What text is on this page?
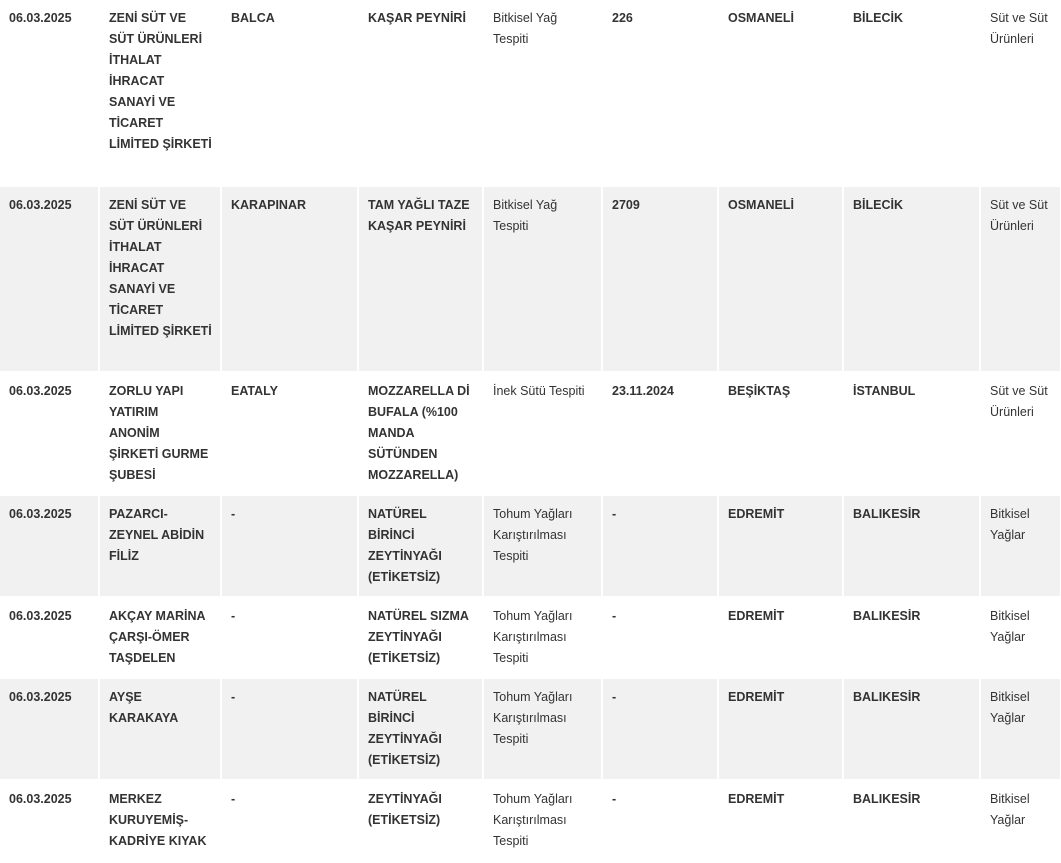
06.03.2025	ZENİ SÜT VE SÜT ÜRÜNLERİ İTHALAT İHRACAT SANAYİ VE TİCARET LİMİTED ŞİRKETİ	BALCA	KAŞAR PEYNİRİ	Bitkisel Yağ Tespiti	226	OSMANELİ	BİLECİK	Süt ve Süt Ürünleri
06.03.2025	ZENİ SÜT VE SÜT ÜRÜNLERİ İTHALAT İHRACAT SANAYİ VE TİCARET LİMİTED ŞİRKETİ	KARAPINAR	TAM YAĞLI TAZE KAŞAR PEYNİRİ	Bitkisel Yağ Tespiti	2709	OSMANELİ	BİLECİK	Süt ve Süt Ürünleri
06.03.2025	ZORLU YAPI YATIRIM ANONİM ŞİRKETİ GURME ŞUBESİ	EATALY	MOZZARELLA Dİ BUFALA (%100 MANDA SÜTÜNDEN MOZZARELLA)	İnek Sütü Tespiti	23.11.2024	BEŞİKTAŞ	İSTANBUL	Süt ve Süt Ürünleri
06.03.2025	PAZARCI-ZEYNEL ABİDİN FİLİZ	-	NATÜREL BİRİNCİ ZEYTİNYAĞI (ETİKETSİZ)	Tohum Yağları Karıştırılması Tespiti	-	EDREMİT	BALIKESİR	Bitkisel Yağlar
06.03.2025	AKÇAY MARİNA ÇARŞI-ÖMER TAŞDELEN	-	NATÜREL SIZMA ZEYTİNYAĞI (ETİKETSİZ)	Tohum Yağları Karıştırılması Tespiti	-	EDREMİT	BALIKESİR	Bitkisel Yağlar
06.03.2025	AYŞE KARAKAYA	-	NATÜREL BİRİNCİ ZEYTİNYAĞI (ETİKETSİZ)	Tohum Yağları Karıştırılması Tespiti	-	EDREMİT	BALIKESİR	Bitkisel Yağlar
06.03.2025	MERKEZ KURUYEMİŞ-KADRİYE KIYAK	-	ZEYTİNYAĞI (ETİKETSİZ)	Tohum Yağları Karıştırılması Tespiti	-	EDREMİT	BALIKESİR	Bitkisel Yağlar
